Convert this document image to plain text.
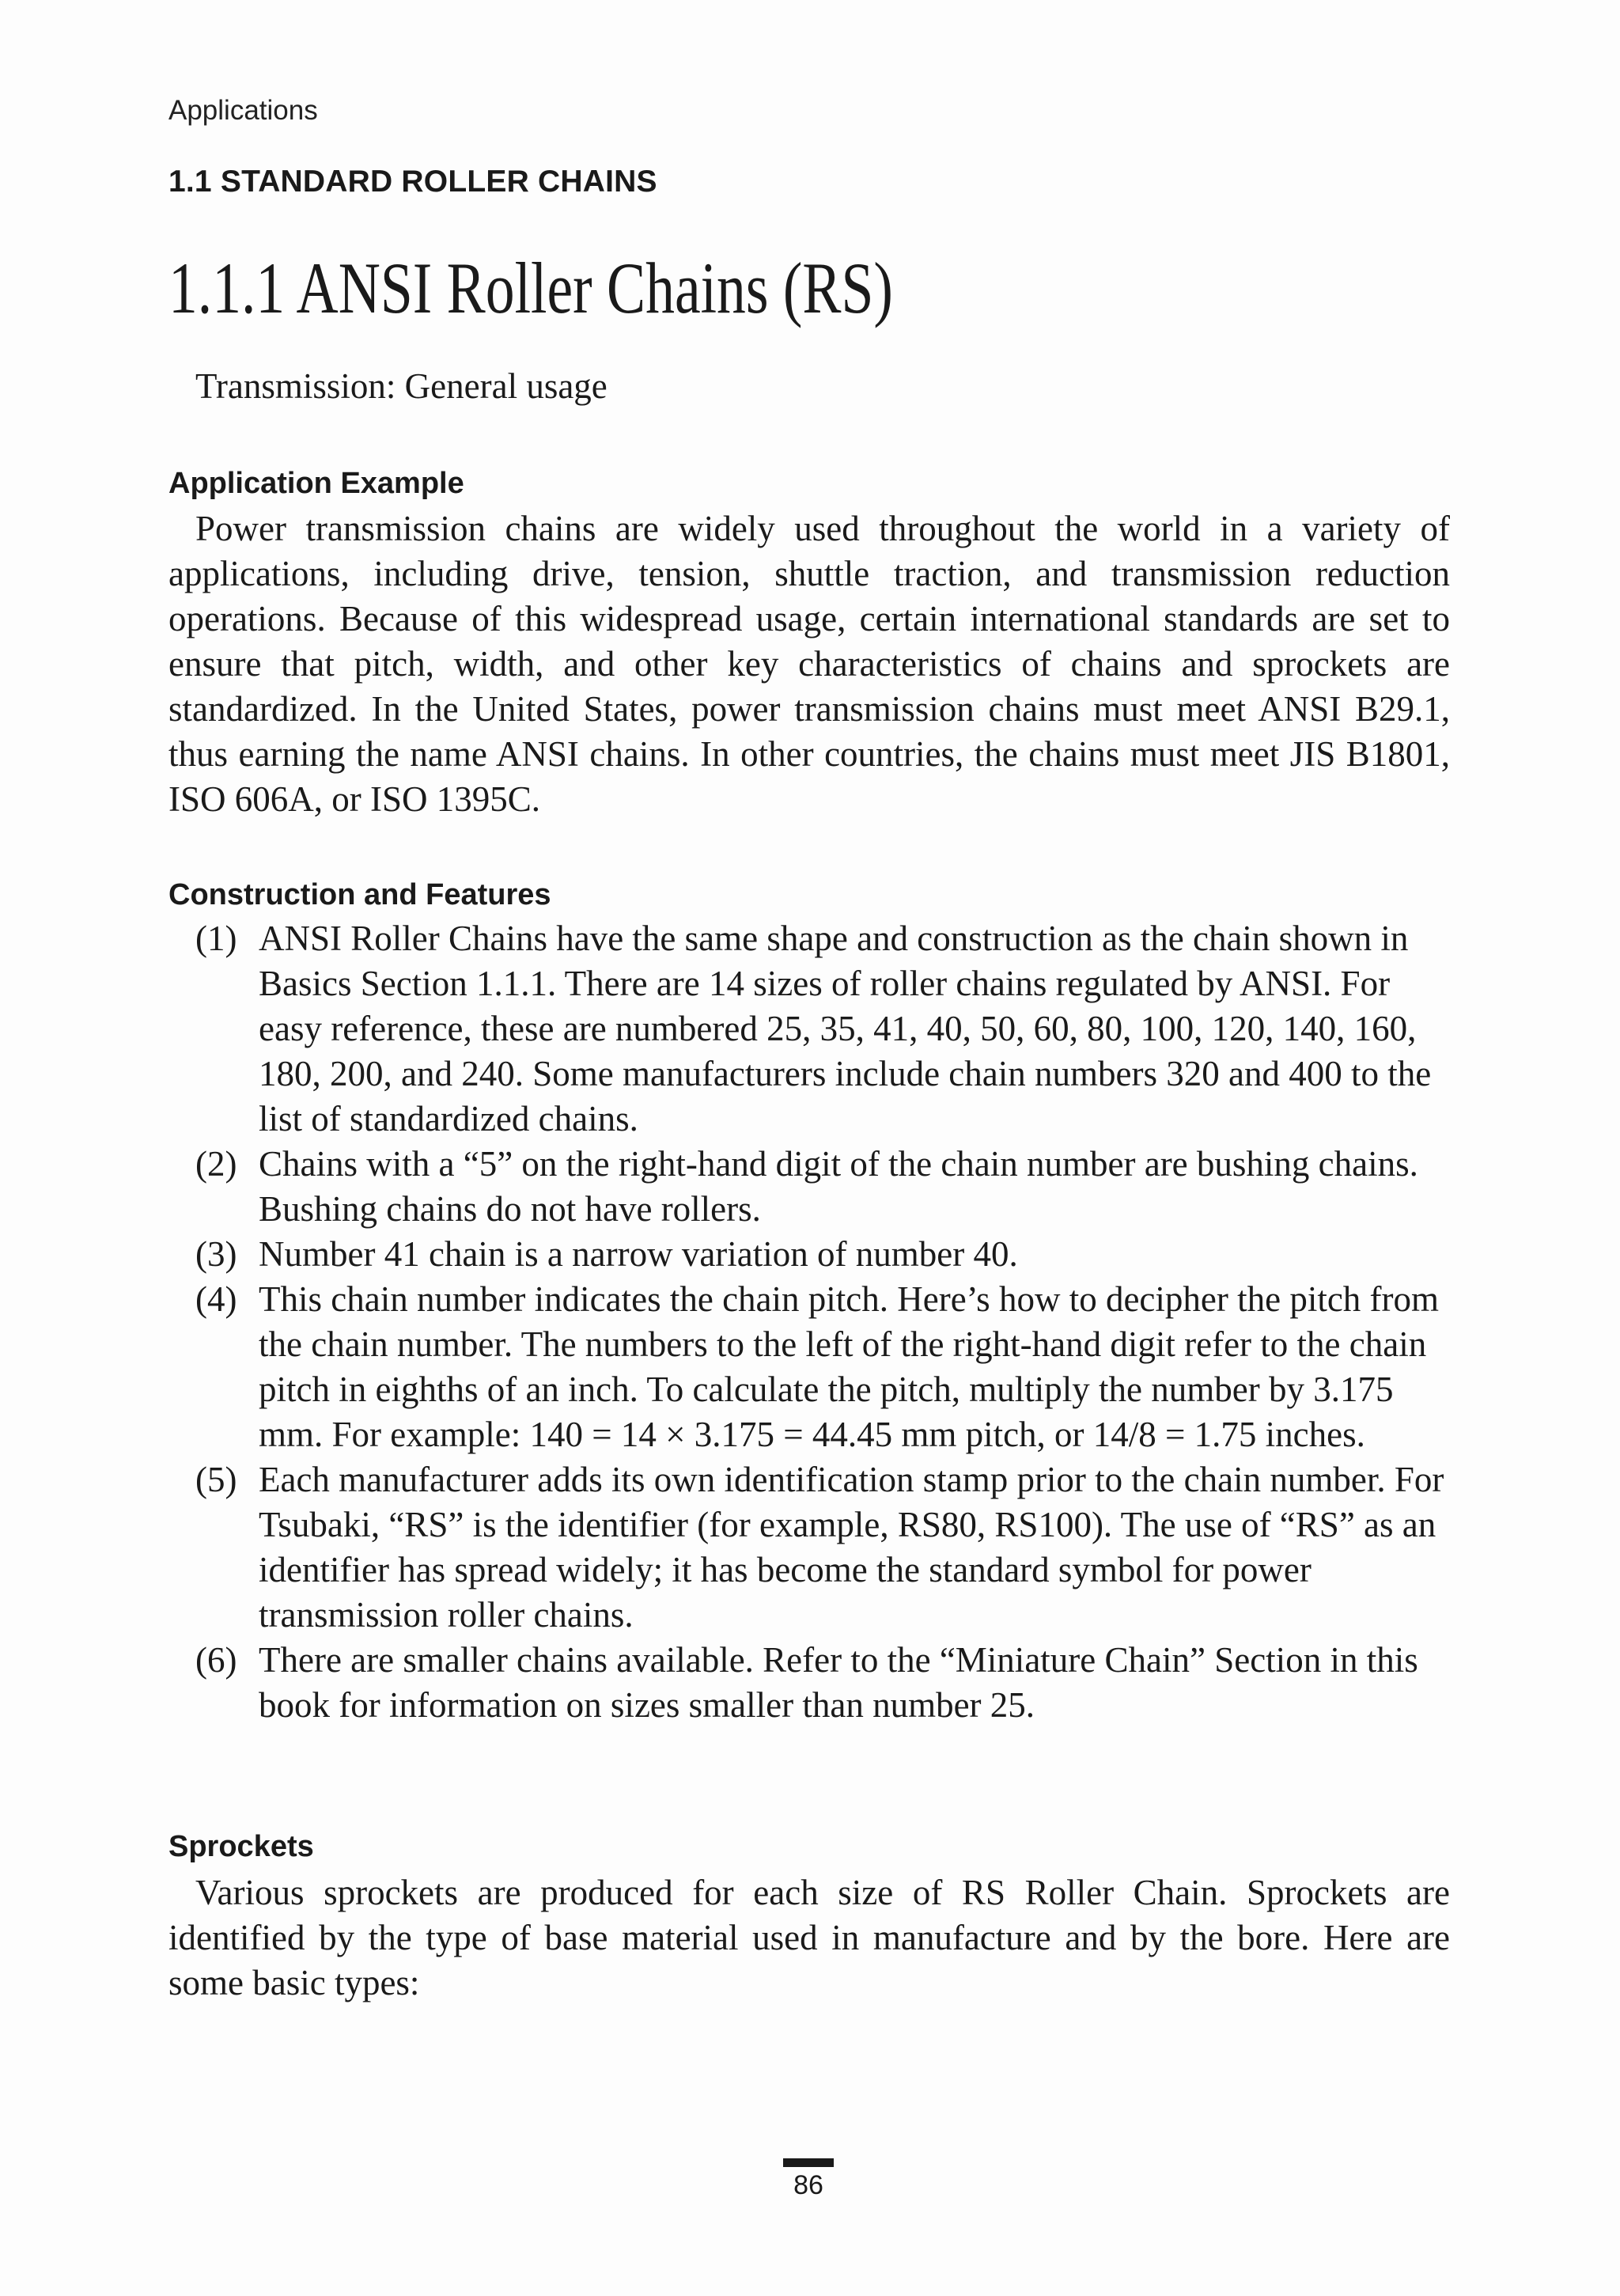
Applications
1.1 STANDARD ROLLER CHAINS
1.1.1 ANSI Roller Chains (RS)
Transmission: General usage
Application Example

Power transmission chains are widely used throughout the world in a variety of applications, including drive, tension, shuttle traction, and transmission reduction operations. Because of this widespread usage, certain international standards are set to ensure that pitch, width, and other key characteristics of chains and sprockets are standardized. In the United States, power transmission chains must meet ANSI B29.1, thus earning the name ANSI chains. In other countries, the chains must meet JIS B1801, ISO 606A, or ISO 1395C.

Construction and Features
(1) ANSI Roller Chains have the same shape and construction as the chain shown in Basics Section 1.1.1. There are 14 sizes of roller chains regulated by ANSI. For easy reference, these are numbered 25, 35, 41, 40, 50, 60, 80, 100, 120, 140, 160, 180, 200, and 240. Some manufacturers include chain numbers 320 and 400 to the list of standardized chains.
(2) Chains with a “5” on the right-hand digit of the chain number are bushing chains. Bushing chains do not have rollers.
(3) Number 41 chain is a narrow variation of number 40.
(4) This chain number indicates the chain pitch. Here’s how to decipher the pitch from the chain number. The numbers to the left of the right-hand digit refer to the chain pitch in eighths of an inch. To calculate the pitch, multiply the number by 3.175 mm. For example: 140 = 14 × 3.175 = 44.45 mm pitch, or 14/8 = 1.75 inches.
(5) Each manufacturer adds its own identification stamp prior to the chain number. For Tsubaki, “RS” is the identifier (for example, RS80, RS100). The use of “RS” as an identifier has spread widely; it has become the standard symbol for power transmission roller chains.
(6) There are smaller chains available. Refer to the “Miniature Chain” Section in this book for information on sizes smaller than number 25.
Sprockets

Various sprockets are produced for each size of RS Roller Chain. Sprockets are identified by the type of base material used in manufacture and by the bore. Here are some basic types:

86
